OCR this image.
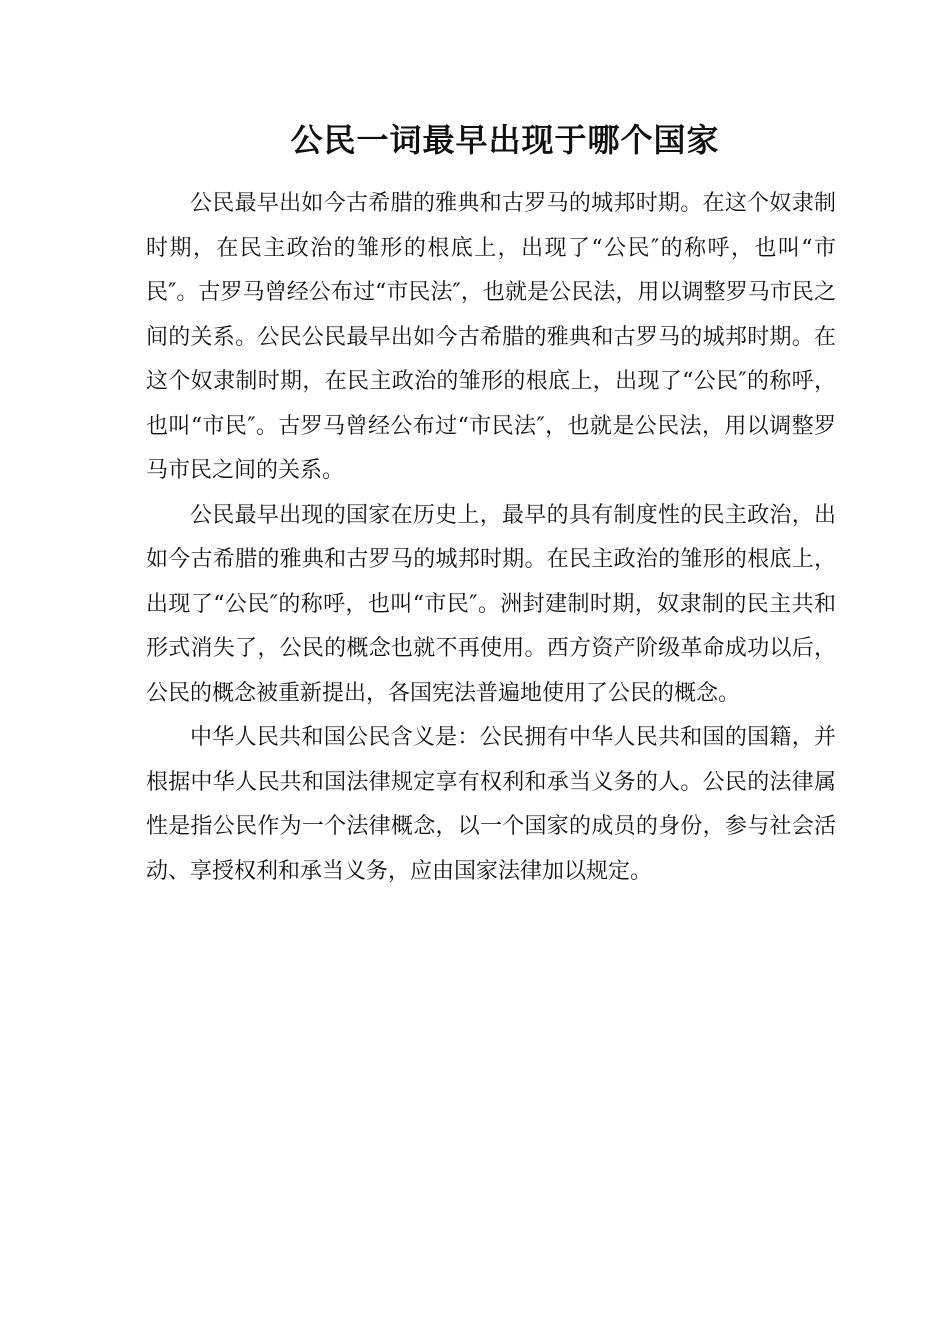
公民一词最早出现于哪个国家

公民最早出如今古希腊的雅典和古罗马的城邦时期。在这个奴隶制时期，在民主政治的雏形的根底上，出现了“公民″的称呼，也叫“市民″。古罗马曾经公布过“市民法″，也就是公民法，用以调整罗马市民之间的关系。公民公民最早出如今古希腊的雅典和古罗马的城邦时期。在这个奴隶制时期，在民主政治的雏形的根底上，出现了“公民″的称呼，也叫“市民″。古罗马曾经公布过“市民法″，也就是公民法，用以调整罗马市民之间的关系。

公民最早出现的国家在历史上，最早的具有制度性的民主政治，出如今古希腊的雅典和古罗马的城邦时期。在民主政治的雏形的根底上，出现了“公民″的称呼，也叫“市民″。洲封建制时期，奴隶制的民主共和形式消失了，公民的概念也就不再使用。西方资产阶级革命成功以后，公民的概念被重新提出，各国宪法普遍地使用了公民的概念。

中华人民共和国公民含义是：公民拥有中华人民共和国的国籍，并根据中华人民共和国法律规定享有权利和承当义务的人。公民的法律属性是指公民作为一个法律概念，以一个国家的成员的身份，参与社会活动、享授权利和承当义务，应由国家法律加以规定。
